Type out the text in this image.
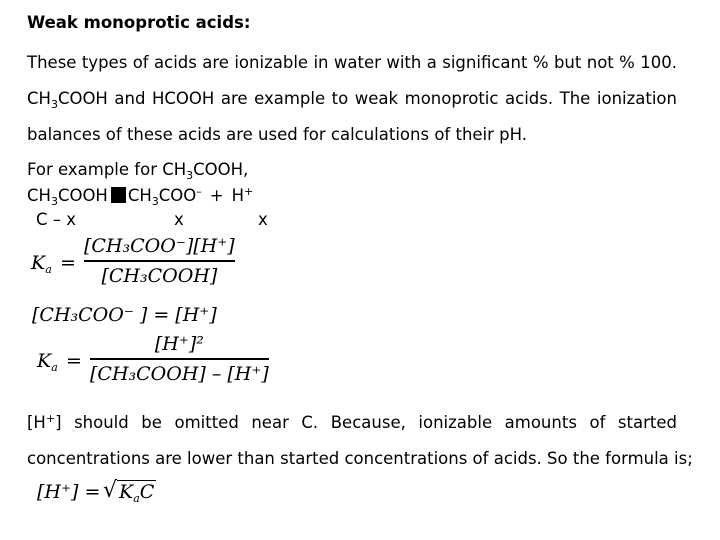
Weak monoprotic acids:
These types of acids are ionizable in water with a significant % but not % 100.
$CH_3COOH$ and HCOOH are example to weak monoprotic acids. The ionization
balances of these acids are used for calculations of their pH.
For example for $CH_3COOH$,
$CH_3COOH$ $CH_3COO^- + H^+$
C – x	x	x
$K_a$ =
[CH₃COO⁻][H⁺]
[CH₃COOH]
[CH₃COO⁻ ] = [H⁺]
$K_a$ =
[H⁺]²
[CH₃COOH] – [H⁺]
[H+] should be omitted near C. Because, ionizable amounts of started
concentrations are lower than started concentrations of acids. So the formula is;
[H⁺] = √ $K_aC$
